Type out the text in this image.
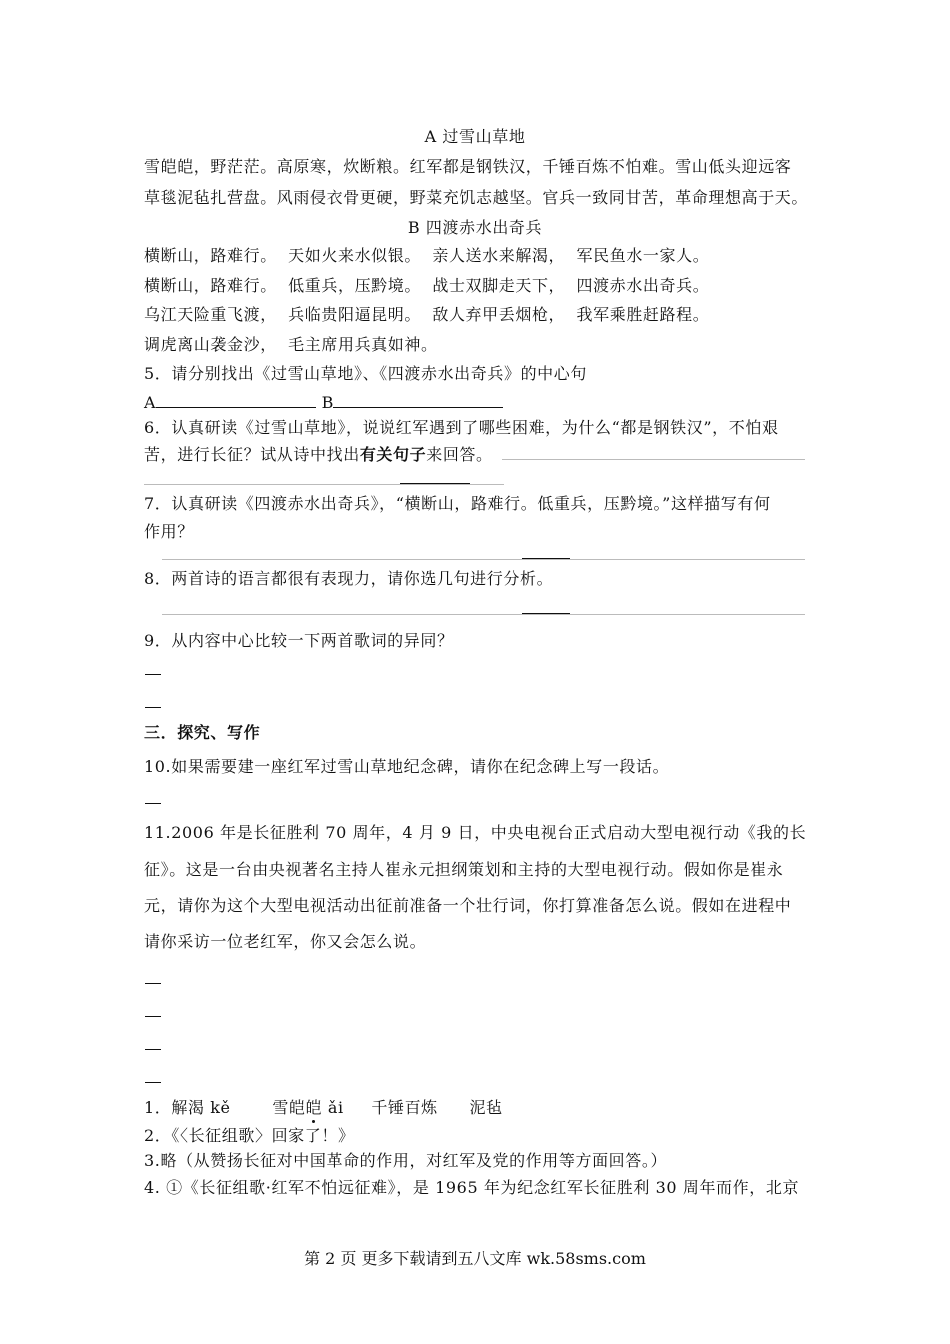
A 过雪山草地
雪皑皑，野茫茫。高原寒，炊断粮。红军都是钢铁汉，千锤百炼不怕难。雪山低头迎远客
草毯泥毡扎营盘。风雨侵衣骨更硬，野菜充饥志越坚。官兵一致同甘苦，革命理想高于天。
B 四渡赤水出奇兵
横断山，路难行。  天如火来水似银。  亲人送水来解渴，  军民鱼水一家人。
横断山，路难行。  低重兵，压黔境。  战士双脚走天下，  四渡赤水出奇兵。
乌江天险重飞渡，  兵临贵阳逼昆明。  敌人弃甲丢烟枪，  我军乘胜赶路程。
调虎离山袭金沙，  毛主席用兵真如神。
5．请分别找出《过雪山草地》、《四渡赤水出奇兵》的中心句
A	B
6．认真研读《过雪山草地》，说说红军遇到了哪些困难，为什么“都是钢铁汉”，不怕艰
苦，进行长征？试从诗中找出有关句子来回答。
7．认真研读《四渡赤水出奇兵》，“横断山，路难行。低重兵，压黔境。”这样描写有何
作用？
8．两首诗的语言都很有表现力，请你选几句进行分析。
9．从内容中心比较一下两首歌词的异同？
三．探究、写作
10.如果需要建一座红军过雪山草地纪念碑，请你在纪念碑上写一段话。
11.2006 年是长征胜利 70 周年，4 月 9 日，中央电视台正式启动大型电视行动《我的长
征》。这是一台由央视著名主持人崔永元担纲策划和主持的大型电视行动。假如你是崔永
元，请你为这个大型电视活动出征前准备一个壮行词，你打算准备怎么说。假如在进程中
请你采访一位老红军，你又会怎么说。
1．解渴 kě	雪皑皑 ǎi 千锤百炼 泥毡
2．《〈长征组歌〉回家了！》
3.略（从赞扬长征对中国革命的作用，对红军及党的作用等方面回答。）
4. ①《长征组歌·红军不怕远征难》，是 1965 年为纪念红军长征胜利 30 周年而作，北京
第 2 页 更多下载请到五八文库 wk.58sms.com
